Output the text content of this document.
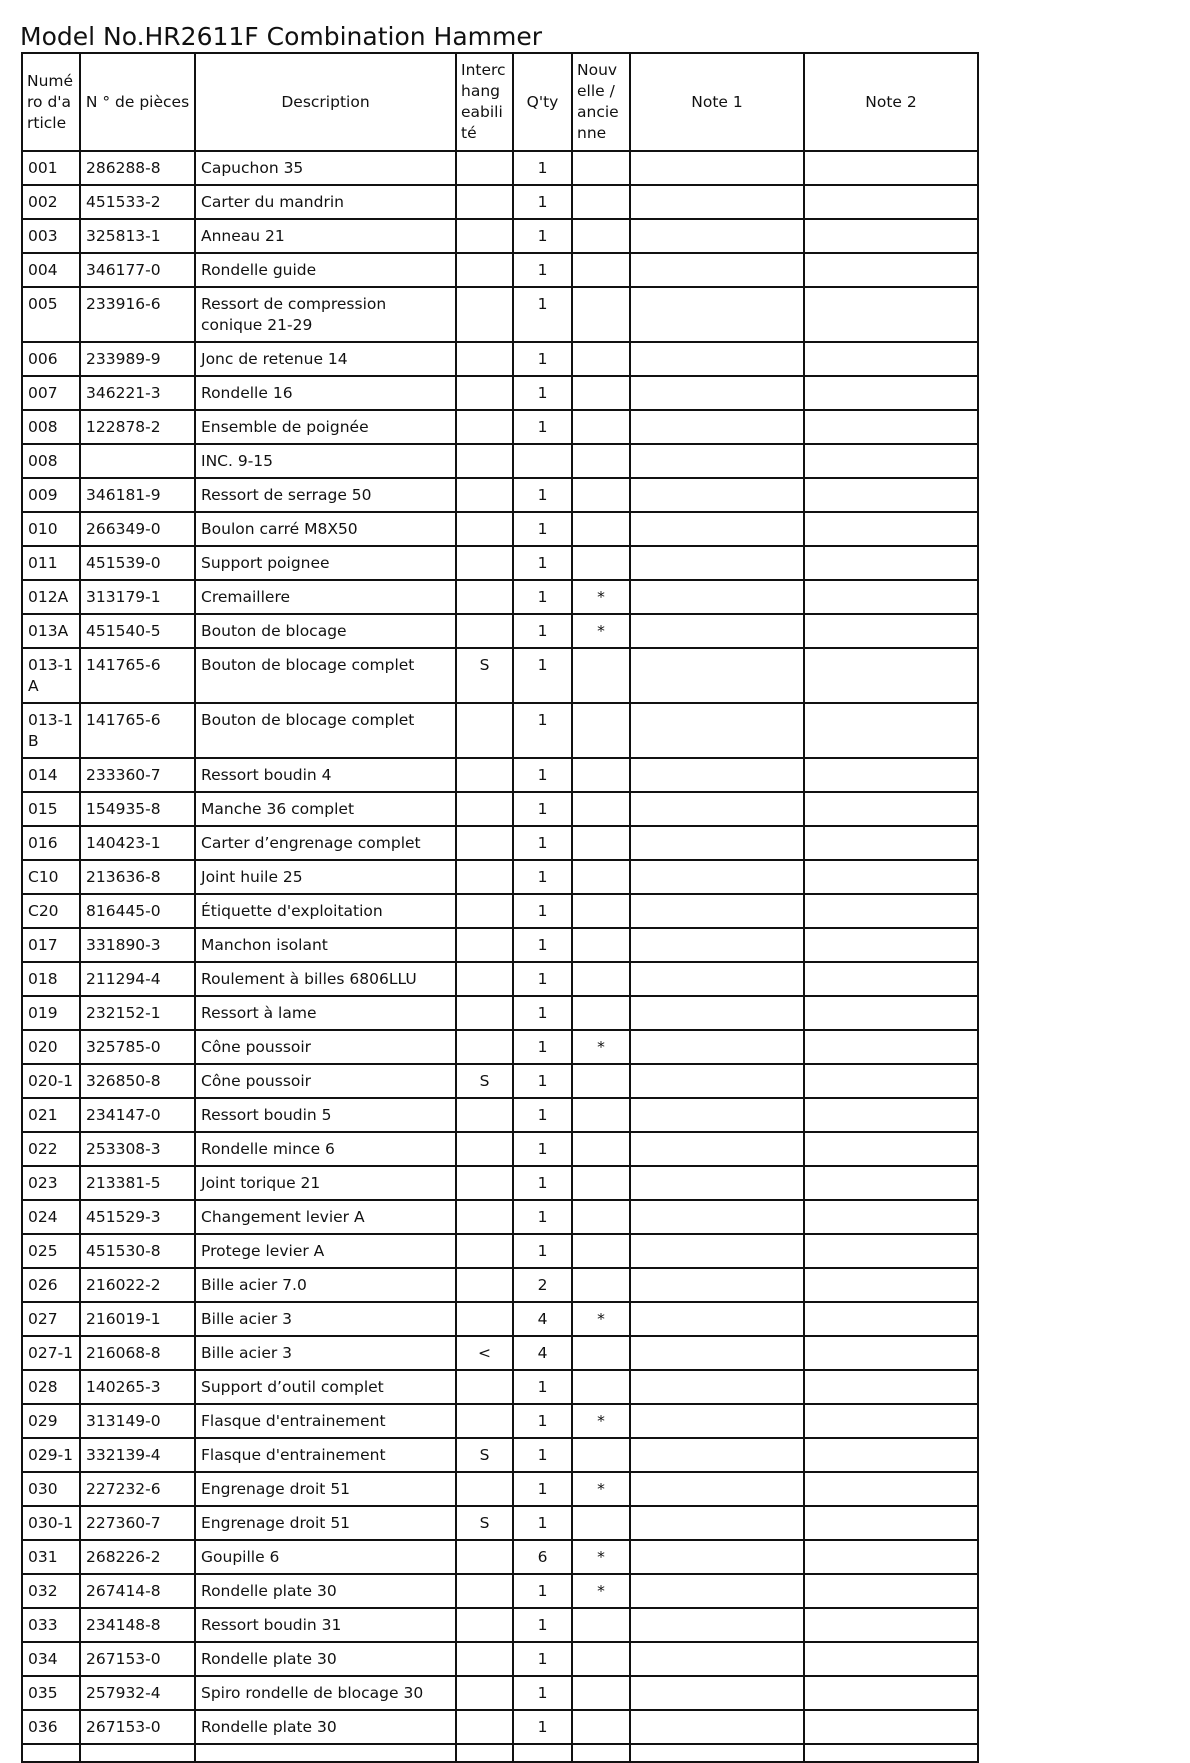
Model No.HR2611F Combination Hammer
Numéro d'article	N ° de pièces	Description	Interchangeabilité	Q'ty	Nouvelle / ancienne	Note 1	Note 2
001	286288-8	Capuchon 35		1			
002	451533-2	Carter du mandrin		1			
003	325813-1	Anneau 21		1			
004	346177-0	Rondelle guide		1			
005	233916-6	Ressort de compression conique 21-29		1			
006	233989-9	Jonc de retenue 14		1			
007	346221-3	Rondelle 16		1			
008	122878-2	Ensemble de poignée		1			
008		INC. 9-15					
009	346181-9	Ressort de serrage 50		1			
010	266349-0	Boulon carré M8X50		1			
011	451539-0	Support poignee		1			
012A	313179-1	Cremaillere		1	*		
013A	451540-5	Bouton de blocage		1	*		
013-1A	141765-6	Bouton de blocage complet	S	1			
013-1B	141765-6	Bouton de blocage complet		1			
014	233360-7	Ressort boudin 4		1			
015	154935-8	Manche 36 complet		1			
016	140423-1	Carter d’engrenage complet		1			
C10	213636-8	Joint huile 25		1			
C20	816445-0	Étiquette d'exploitation		1			
017	331890-3	Manchon isolant		1			
018	211294-4	Roulement à billes 6806LLU		1			
019	232152-1	Ressort à lame		1			
020	325785-0	Cône poussoir		1	*		
020-1	326850-8	Cône poussoir	S	1			
021	234147-0	Ressort boudin 5		1			
022	253308-3	Rondelle mince 6		1			
023	213381-5	Joint torique 21		1			
024	451529-3	Changement levier A		1			
025	451530-8	Protege levier A		1			
026	216022-2	Bille acier 7.0		2			
027	216019-1	Bille acier 3		4	*		
027-1	216068-8	Bille acier 3	<	4			
028	140265-3	Support d’outil complet		1			
029	313149-0	Flasque d'entrainement		1	*		
029-1	332139-4	Flasque d'entrainement	S	1			
030	227232-6	Engrenage droit 51		1	*		
030-1	227360-7	Engrenage droit 51	S	1			
031	268226-2	Goupille 6		6	*		
032	267414-8	Rondelle plate 30		1	*		
033	234148-8	Ressort boudin 31		1			
034	267153-0	Rondelle plate 30		1			
035	257932-4	Spiro rondelle de blocage 30		1			
036	267153-0	Rondelle plate 30		1			
